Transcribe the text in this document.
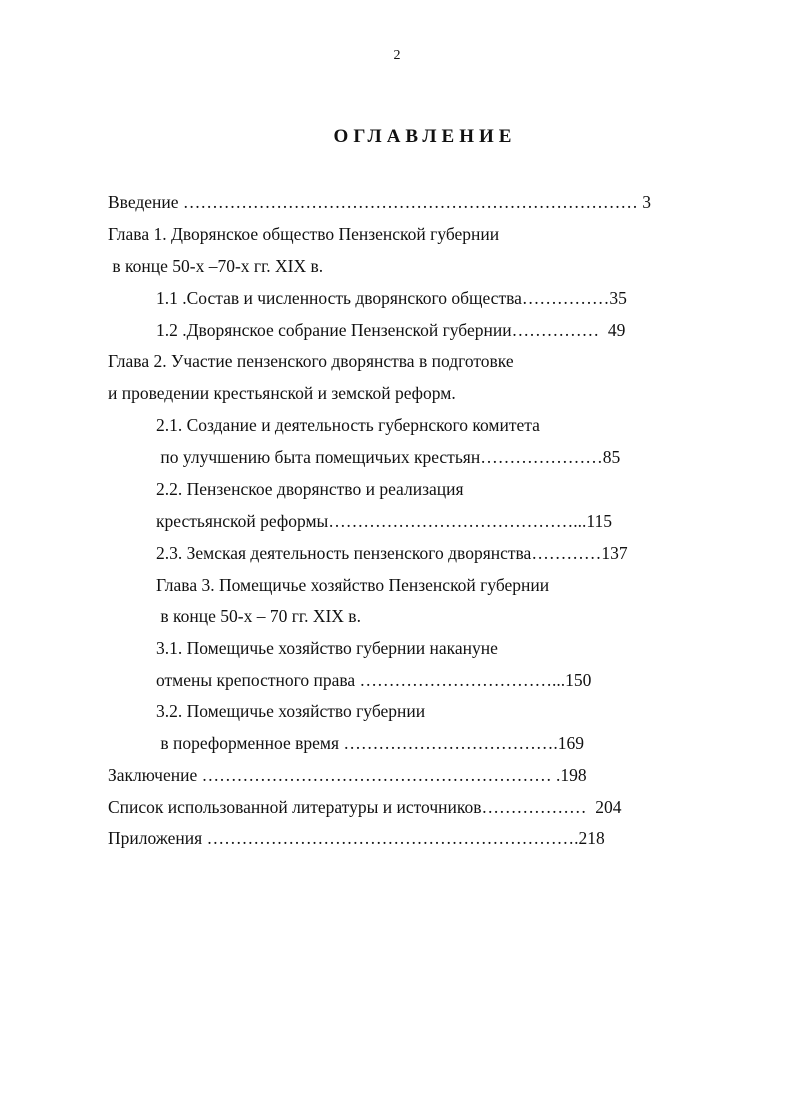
2
ОГЛАВЛЕНИЕ
Введение …………………………………………………………………… 3
Глава 1. Дворянское общество Пензенской губернии
в конце 50-х –70-х гг. XIX в.
1.1 .Состав и численность дворянского общества……………35
1.2 .Дворянское собрание Пензенской губернии……………  49
Глава 2. Участие пензенского дворянства в подготовке
и проведении крестьянской и земской реформ.
2.1. Создание и деятельность губернского комитета
по улучшению быта помещичьих крестьян…………………85
2.2. Пензенское дворянство и реализация
крестьянской реформы……………………………………...115
2.3. Земская деятельность пензенского дворянства…………137
Глава 3. Помещичье хозяйство Пензенской губернии
в конце 50-х – 70 гг. XIX в.
3.1. Помещичье хозяйство губернии накануне
отмены крепостного права ……………………………...150
3.2. Помещичье хозяйство губернии
в пореформенное время ……………………………….169
Заключение …………………………………………………… .198
Список использованной литературы и источников………………  204
Приложения ……………………………………………………….218
